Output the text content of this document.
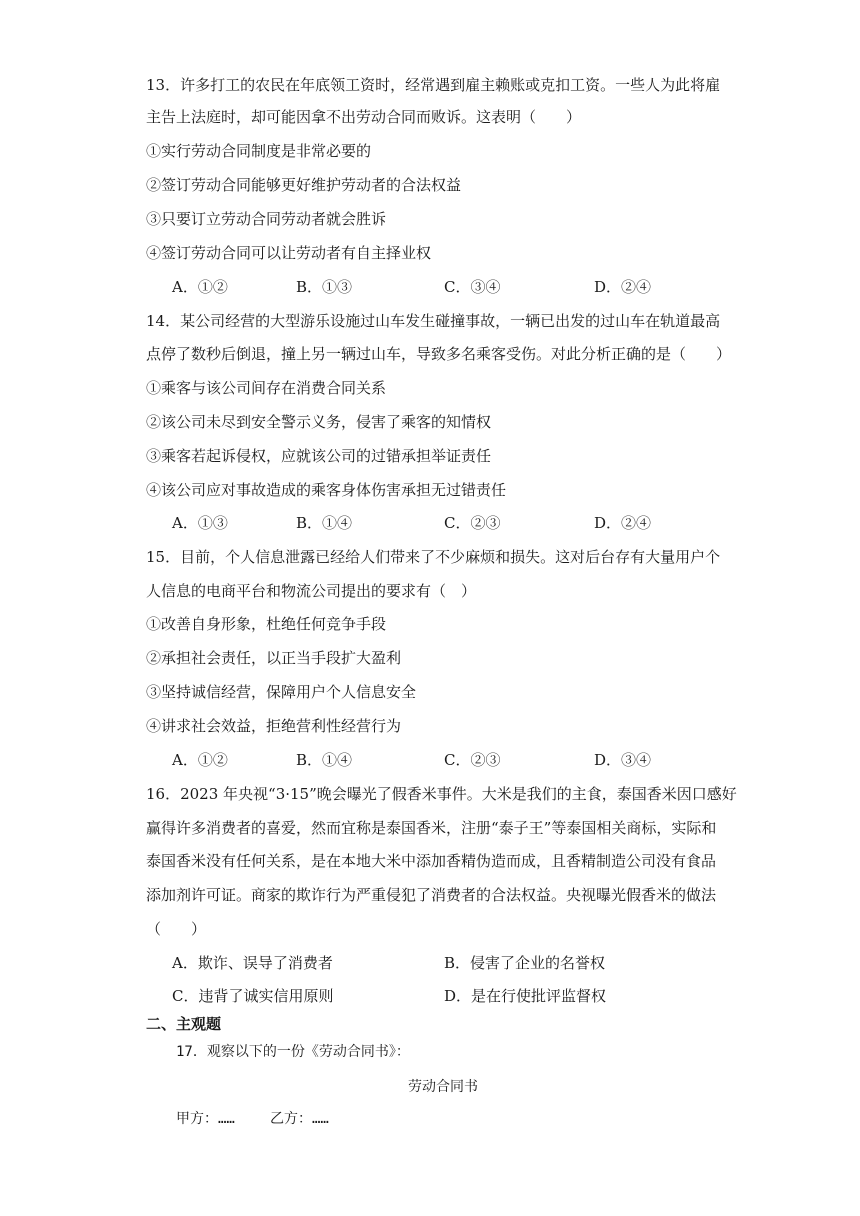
13．许多打工的农民在年底领工资时，经常遇到雇主赖账或克扣工资。一些人为此将雇
主告上法庭时，却可能因拿不出劳动合同而败诉。这表明（　　）
①实行劳动合同制度是非常必要的
②签订劳动合同能够更好维护劳动者的合法权益
③只要订立劳动合同劳动者就会胜诉
④签订劳动合同可以让劳动者有自主择业权
A．①②	B．①③	C．③④	D．②④
14．某公司经营的大型游乐设施过山车发生碰撞事故，一辆已出发的过山车在轨道最高
点停了数秒后倒退，撞上另一辆过山车，导致多名乘客受伤。对此分析正确的是（　　）
①乘客与该公司间存在消费合同关系
②该公司未尽到安全警示义务，侵害了乘客的知情权
③乘客若起诉侵权，应就该公司的过错承担举证责任
④该公司应对事故造成的乘客身体伤害承担无过错责任
A．①③	B．①④	C．②③	D．②④
15．目前，个人信息泄露已经给人们带来了不少麻烦和损失。这对后台存有大量用户个
人信息的电商平台和物流公司提出的要求有（　）
①改善自身形象，杜绝任何竞争手段
②承担社会责任，以正当手段扩大盈利
③坚持诚信经营，保障用户个人信息安全
④讲求社会效益，拒绝营利性经营行为
A．①②	B．①④	C．②③	D．③④
16．2023 年央视“3·15”晚会曝光了假香米事件。大米是我们的主食，泰国香米因口感好
赢得许多消费者的喜爱，然而宜称是泰国香米，注册“泰子王”等泰国相关商标，实际和
泰国香米没有任何关系，是在本地大米中添加香精伪造而成，且香精制造公司没有食品
添加剂许可证。商家的欺诈行为严重侵犯了消费者的合法权益。央视曝光假香米的做法
（　　）
A．欺诈、误导了消费者	B．侵害了企业的名誉权
C．违背了诚实信用原则	D．是在行使批评监督权
二、主观题
17．观察以下的一份《劳动合同书》：
劳动合同书
甲方：……	乙方：……
